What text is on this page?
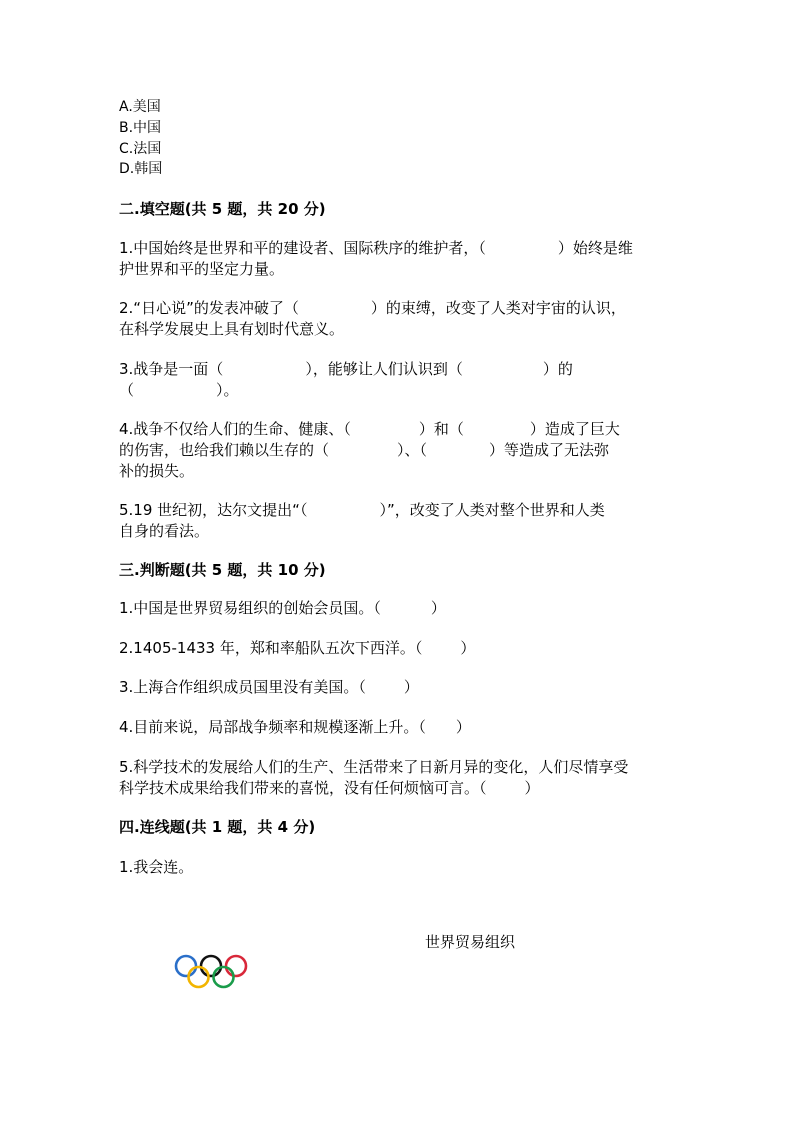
A.美国
B.中国
C.法国
D.韩国
二.填空题(共 5 题，共 20 分)
1.中国始终是世界和平的建设者、国际秩序的维护者，（	）始终是维
护世界和平的坚定力量。
2.“日心说”的发表冲破了（	）的束缚，改变了人类对宇宙的认识，
在科学发展史上具有划时代意义。
3.战争是一面（	），能够让人们认识到（	）的
（	）。
4.战争不仅给人们的生命、健康、（	）和（	）造成了巨大
的伤害，也给我们赖以生存的（	）、（	）等造成了无法弥
补的损失。
5.19 世纪初，达尔文提出“（	）”，改变了人类对整个世界和人类
自身的看法。
三.判断题(共 5 题，共 10 分)
1.中国是世界贸易组织的创始会员国。（	）
2.1405-1433 年，郑和率船队五次下西洋。（	）
3.上海合作组织成员国里没有美国。（	）
4.目前来说，局部战争频率和规模逐渐上升。（ ）
5.科学技术的发展给人们的生产、生活带来了日新月异的变化，人们尽情享受
科学技术成果给我们带来的喜悦，没有任何烦恼可言。（	）
四.连线题(共 1 题，共 4 分)
1.我会连。
世界贸易组织
